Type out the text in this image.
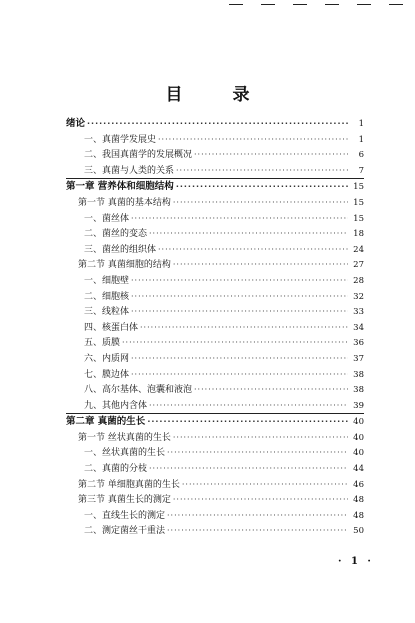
目 录
绪论 ·····	1
一、真菌学发展史 ·····	1
二、我国真菌学的发展概况 ·····	6
三、真菌与人类的关系 ·····	7
第一章 营养体和细胞结构 ·····	15
第一节 真菌的基本结构 ·····	15
一、菌丝体 ·····	15
二、菌丝的变态 ·····	18
三、菌丝的组织体 ·····	24
第二节 真菌细胞的结构 ·····	27
一、细胞壁 ·····	28
二、细胞核 ·····	32
三、线粒体 ·····	33
四、核蛋白体 ·····	34
五、质膜 ·····	36
六、内质网 ·····	37
七、膜边体 ·····	38
八、高尔基体、泡囊和液泡 ·····	38
九、其他内含体 ·····	39
第二章 真菌的生长 ·····	40
第一节 丝状真菌的生长 ·····	40
一、丝状真菌的生长 ·····	40
二、真菌的分枝 ·····	44
第二节 单细胞真菌的生长 ·····	46
第三节 真菌生长的测定 ·····	48
一、直线生长的测定 ·····	48
二、测定菌丝干重法 ·····	50
· 1 ·
